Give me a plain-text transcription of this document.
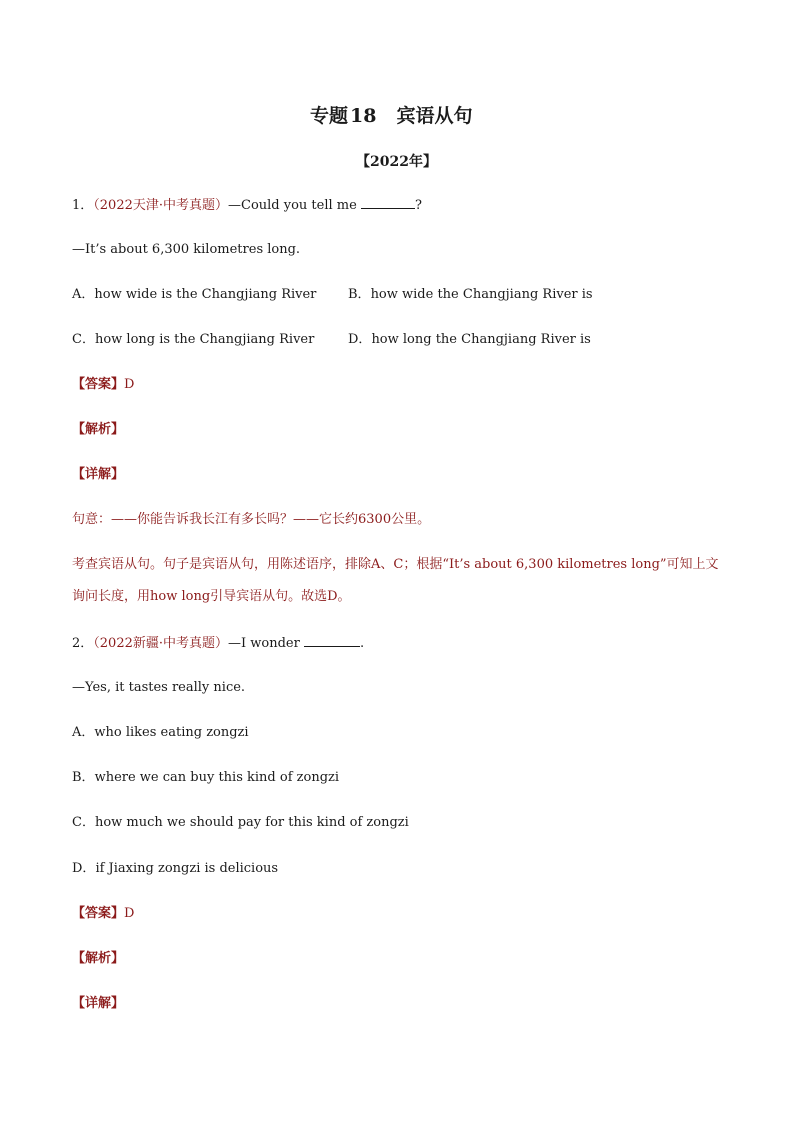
专题 18 宾语从句
【2022年】
1．（2022天津·中考真题）—Could you tell me	?
—It’s about 6,300 kilometres long.
A．how wide is the Changjiang River B．how wide the Changjiang River is
C．how long is the Changjiang River	D．how long the Changjiang River is
【答案】D
【解析】
【详解】
句意：——你能告诉我长江有多长吗？——它长约6300公里。
考查宾语从句。句子是宾语从句，用陈述语序，排除A、C；根据“It’s about 6,300 kilometres long”可知上文
询问长度，用how long引导宾语从句。故选D。
2．（2022新疆·中考真题）—I wonder	.
—Yes, it tastes really nice.
A．who likes eating zongzi
B．where we can buy this kind of zongzi
C．how much we should pay for this kind of zongzi
D．if Jiaxing zongzi is delicious
【答案】D
【解析】
【详解】
